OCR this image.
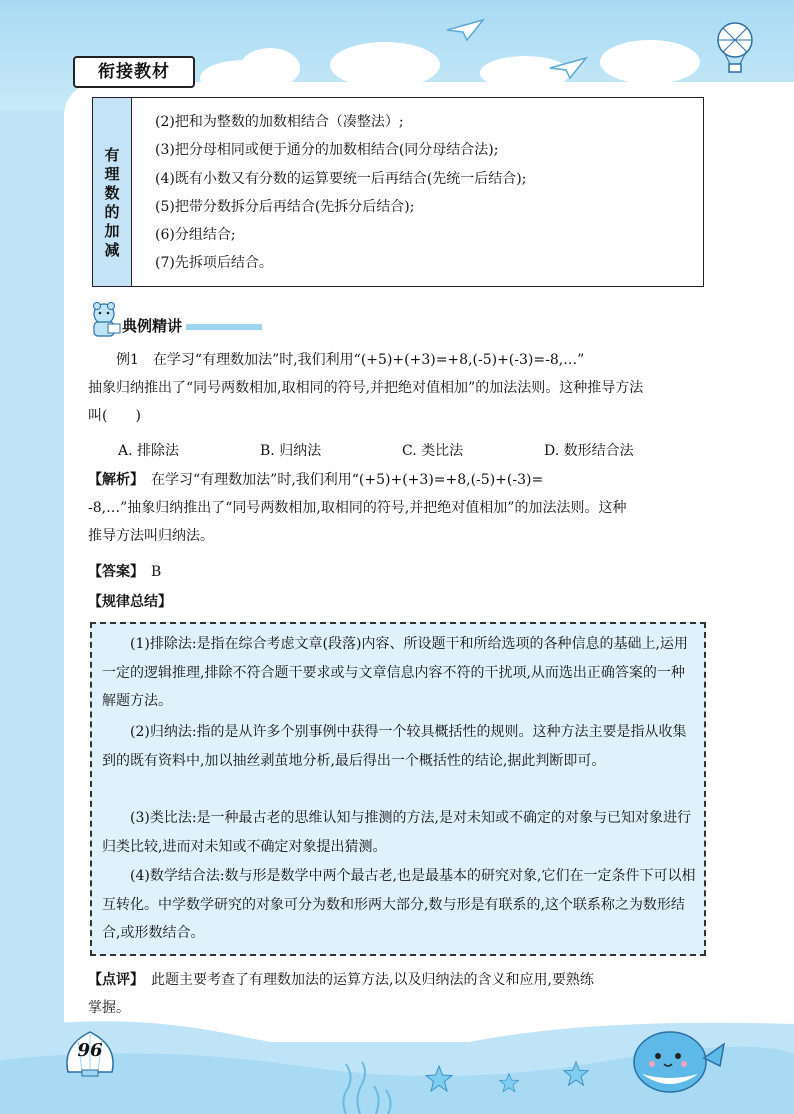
衔接教材
有
理
数
的
加
减
(2)把和为整数的加数相结合（凑整法）;
(3)把分母相同或便于通分的加数相结合(同分母结合法);
(4)既有小数又有分数的运算要统一后再结合(先统一后结合);
(5)把带分数拆分后再结合(先拆分后结合);
(6)分组结合;
(7)先拆项后结合。
典例精讲

例1　 在学习“有理数加法”时,我们利用“(+5)+(+3)=+8,(-5)+(-3)=-8,…”

抽象归纳推出了“同号两数相加,取相同的符号,并把绝对值相加”的加法法则。这种推导方法

叫(　　)

A. 排除法	B. 归纳法	C. 类比法	D. 数形结合法

【解析】　 在学习“有理数加法”时,我们利用“(+5)+(+3)=+8,(-5)+(-3)=

-8,…”抽象归纳推出了“同号两数相加,取相同的符号,并把绝对值相加”的加法法则。这种

推导方法叫归纳法。

【答案】　 B

【规律总结】

(1)排除法:是指在综合考虑文章(段落)内容、所设题干和所给选项的各种信息的基础上,运用一定的逻辑推理,排除不符合题干要求或与文章信息内容不符的干扰项,从而选出正确答案的一种解题方法。

(2)归纳法:指的是从许多个别事例中获得一个较具概括性的规则。这种方法主要是指从收集到的既有资料中,加以抽丝剥茧地分析,最后得出一个概括性的结论,据此判断即可。

(3)类比法:是一种最古老的思维认知与推测的方法,是对未知或不确定的对象与已知对象进行归类比较,进而对未知或不确定对象提出猜测。

(4)数学结合法:数与形是数学中两个最古老,也是最基本的研究对象,它们在一定条件下可以相互转化。中学数学研究的对象可分为数和形两大部分,数与形是有联系的,这个联系称之为数形结合,或形数结合。

【点评】　 此题主要考查了有理数加法的运算方法,以及归纳法的含义和应用,要熟练

掌握。

96
